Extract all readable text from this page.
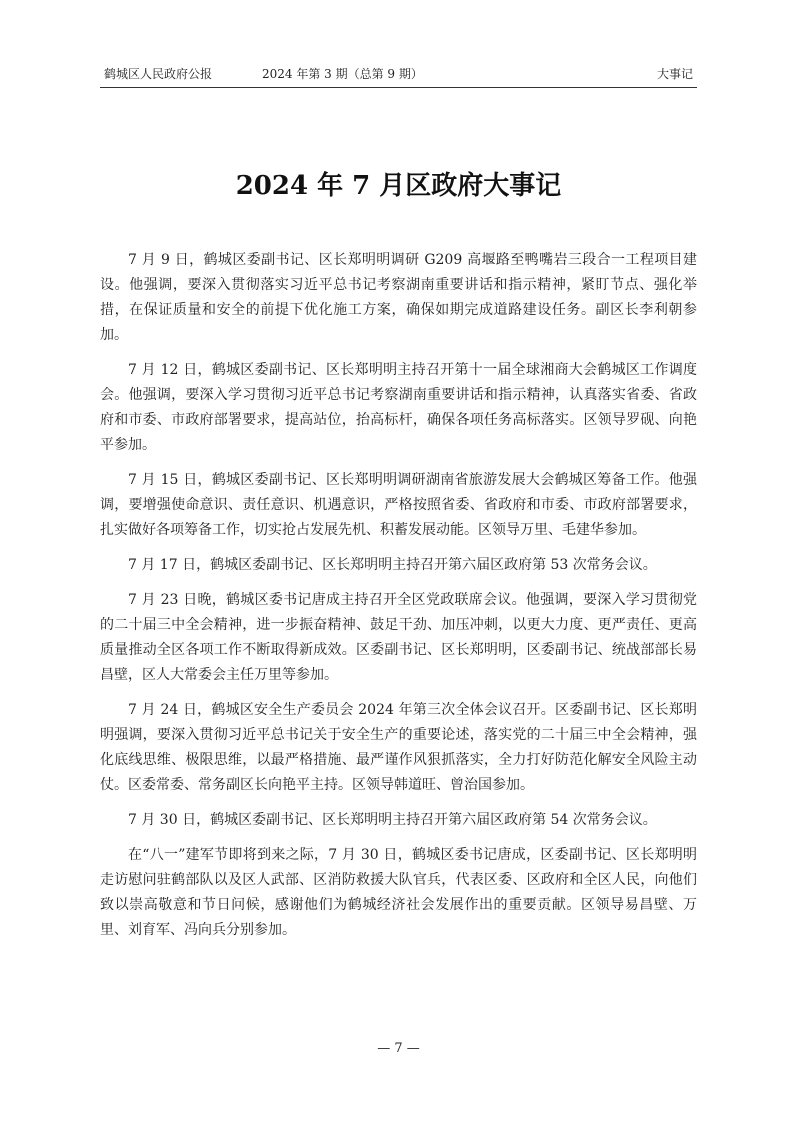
鹤城区人民政府公报	2024 年第 3 期（总第 9 期）	大事记
2024 年 7 月区政府大事记

7 月 9 日，鹤城区委副书记、区长郑明明调研 G209 高堰路至鸭嘴岩三段合一工程项目建设。他强调，要深入贯彻落实习近平总书记考察湖南重要讲话和指示精神，紧盯节点、强化举措，在保证质量和安全的前提下优化施工方案，确保如期完成道路建设任务。副区长李利朝参加。

7 月 12 日，鹤城区委副书记、区长郑明明主持召开第十一届全球湘商大会鹤城区工作调度会。他强调，要深入学习贯彻习近平总书记考察湖南重要讲话和指示精神，认真落实省委、省政府和市委、市政府部署要求，提高站位，抬高标杆，确保各项任务高标落实。区领导罗砚、向艳平参加。

7 月 15 日，鹤城区委副书记、区长郑明明调研湖南省旅游发展大会鹤城区筹备工作。他强调，要增强使命意识、责任意识、机遇意识，严格按照省委、省政府和市委、市政府部署要求，扎实做好各项筹备工作，切实抢占发展先机、积蓄发展动能。区领导万里、毛建华参加。

7 月 17 日，鹤城区委副书记、区长郑明明主持召开第六届区政府第 53 次常务会议。

7 月 23 日晚，鹤城区委书记唐成主持召开全区党政联席会议。他强调，要深入学习贯彻党的二十届三中全会精神，进一步振奋精神、鼓足干劲、加压冲刺，以更大力度、更严责任、更高质量推动全区各项工作不断取得新成效。区委副书记、区长郑明明，区委副书记、统战部部长易昌壁，区人大常委会主任万里等参加。

7 月 24 日，鹤城区安全生产委员会 2024 年第三次全体会议召开。区委副书记、区长郑明明强调，要深入贯彻习近平总书记关于安全生产的重要论述，落实党的二十届三中全会精神，强化底线思维、极限思维，以最严格措施、最严谨作风狠抓落实，全力打好防范化解安全风险主动仗。区委常委、常务副区长向艳平主持。区领导韩道旺、曾治国参加。

7 月 30 日，鹤城区委副书记、区长郑明明主持召开第六届区政府第 54 次常务会议。

在“八一”建军节即将到来之际，7 月 30 日，鹤城区委书记唐成，区委副书记、区长郑明明走访慰问驻鹤部队以及区人武部、区消防救援大队官兵，代表区委、区政府和全区人民，向他们致以崇高敬意和节日问候，感谢他们为鹤城经济社会发展作出的重要贡献。区领导易昌壁、万里、刘育军、冯向兵分别参加。

— 7 —
